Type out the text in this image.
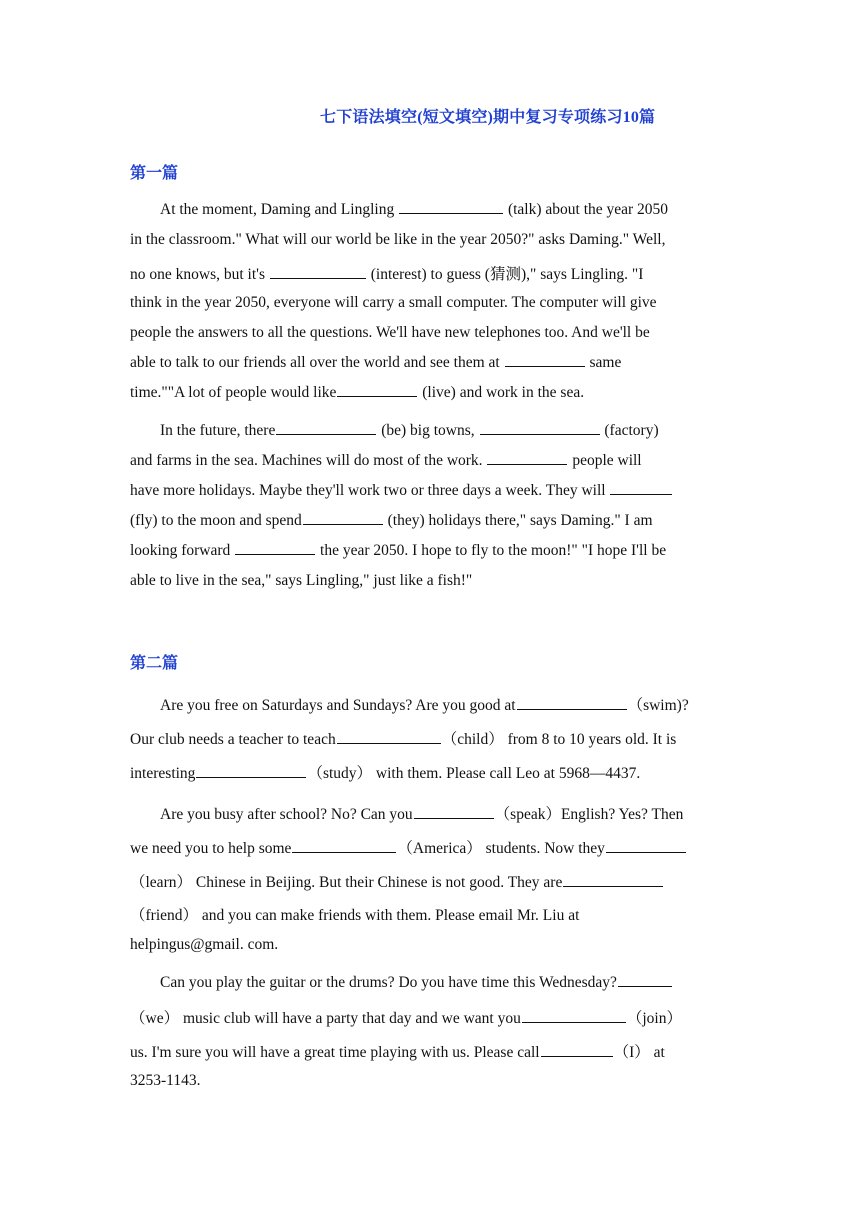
七下语法填空(短文填空)期中复习专项练习10篇
第一篇
At the moment, Daming and Lingling	(talk) about the year 2050
in the classroom." What will our world be like in the year 2050?" asks Daming." Well,
no one knows, but it's	(interest) to guess (猜测)," says Lingling. "I
think in the year 2050, everyone will carry a small computer. The computer will give
people the answers to all the questions. We'll have new telephones too. And we'll be
able to talk to our friends all over the world and see them at	same
time.""A lot of people would like	(live) and work in the sea.
In the future, there	(be) big towns,	(factory)
and farms in the sea. Machines will do most of the work.	people will
have more holidays. Maybe they'll work two or three days a week. They will
(fly) to the moon and spend	(they) holidays there," says Daming." I am
looking forward	the year 2050. I hope to fly to the moon!" "I hope I'll be
able to live in the sea," says Lingling," just like a fish!"
第二篇
Are you free on Saturdays and Sundays? Are you good at	（swim)?
Our club needs a teacher to teach	（child） from 8 to 10 years old. It is
interesting	（study） with them. Please call Leo at 5968—4437.
Are you busy after school? No? Can you	（speak）English? Yes? Then
we need you to help some	（America） students. Now they
（learn） Chinese in Beijing. But their Chinese is not good. They are
（friend） and you can make friends with them. Please email Mr. Liu at
helpingus@gmail. com.
Can you play the guitar or the drums? Do you have time this Wednesday?
（we） music club will have a party that day and we want you	（join）
us. I'm sure you will have a great time playing with us. Please call	（I） at
3253-1143.
